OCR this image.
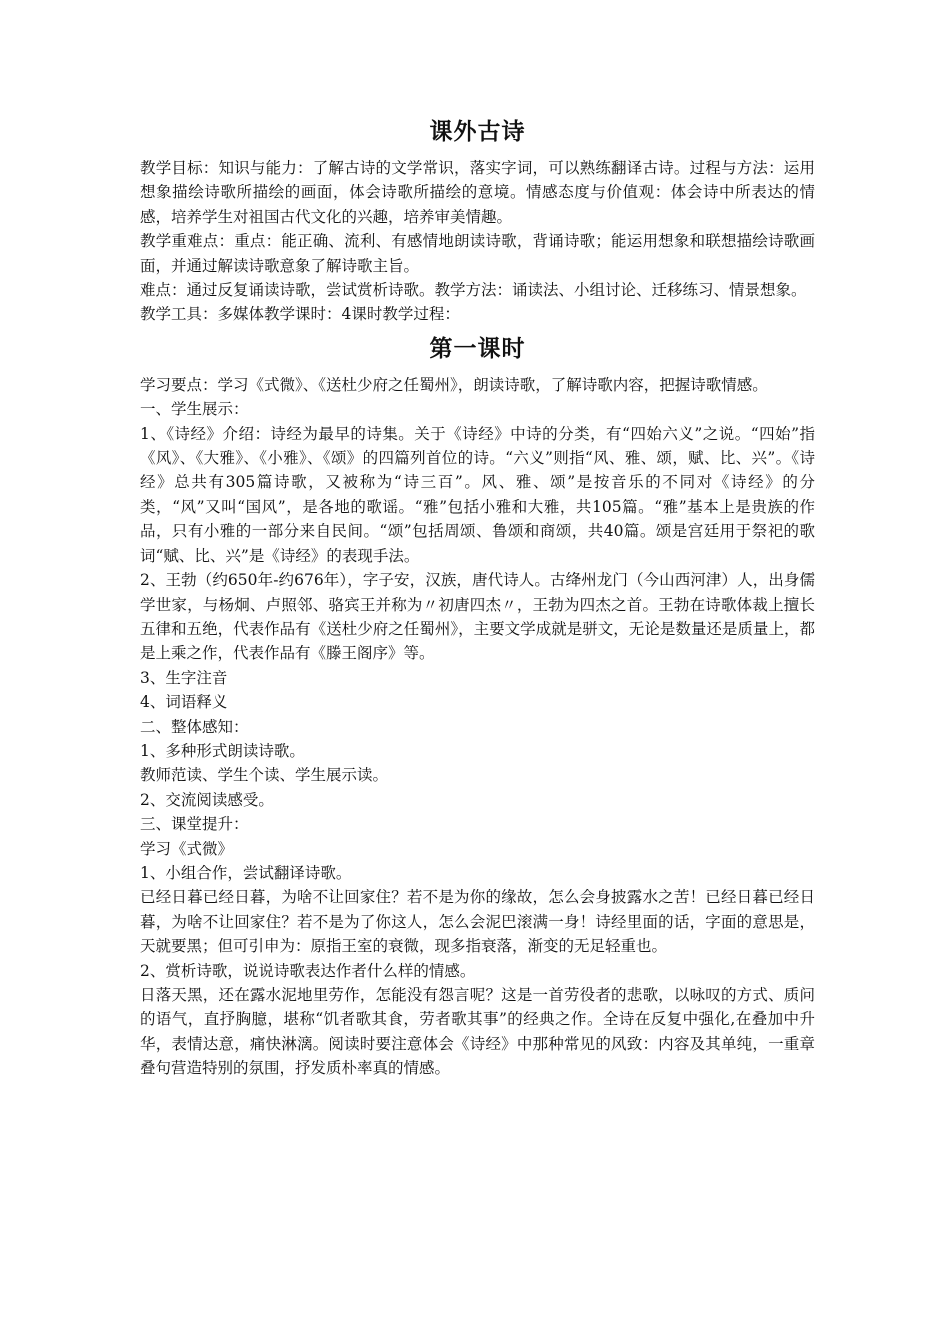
课外古诗

教学目标：知识与能力：了解古诗的文学常识，落实字词，可以熟练翻译古诗。过程与方法：运用想象描绘诗歌所描绘的画面，体会诗歌所描绘的意境。情感态度与价值观：体会诗中所表达的情感，培养学生对祖国古代文化的兴趣，培养审美情趣。

教学重难点：重点：能正确、流利、有感情地朗读诗歌，背诵诗歌；能运用想象和联想描绘诗歌画面，并通过解读诗歌意象了解诗歌主旨。

难点：通过反复诵读诗歌，尝试赏析诗歌。教学方法：诵读法、小组讨论、迁移练习、情景想象。

教学工具：多媒体教学课时：4课时教学过程：

第一课时

学习要点：学习《式微》、《送杜少府之任蜀州》，朗读诗歌，了解诗歌内容，把握诗歌情感。

一、学生展示：

1、《诗经》介绍：诗经为最早的诗集。关于《诗经》中诗的分类，有“四始六义”之说。“四始”指《风》、《大雅》、《小雅》、《颂》的四篇列首位的诗。“六义”则指“风、雅、颂，赋、比、兴”。《诗经》总共有305篇诗歌，又被称为“诗三百”。风、雅、颂”是按音乐的不同对《诗经》的分类，“风”又叫“国风”，是各地的歌谣。“雅”包括小雅和大雅，共105篇。“雅”基本上是贵族的作品，只有小雅的一部分来自民间。“颂”包括周颂、鲁颂和商颂，共40篇。颂是宫廷用于祭祀的歌词“赋、比、兴”是《诗经》的表现手法。

2、王勃（约650年-约676年），字子安，汉族，唐代诗人。古绛州龙门（今山西河津）人，出身儒学世家，与杨炯、卢照邻、骆宾王并称为〃初唐四杰〃，王勃为四杰之首。王勃在诗歌体裁上擅长五律和五绝，代表作品有《送杜少府之任蜀州》，主要文学成就是骈文，无论是数量还是质量上，都是上乘之作，代表作品有《滕王阁序》等。

3、生字注音

4、词语释义

二、整体感知：

1、多种形式朗读诗歌。

教师范读、学生个读、学生展示读。

2、交流阅读感受。

三、课堂提升：

学习《式微》

1、小组合作，尝试翻译诗歌。

已经日暮已经日暮，为啥不让回家住？若不是为你的缘故，怎么会身披露水之苦！已经日暮已经日暮，为啥不让回家住？若不是为了你这人，怎么会泥巴滚满一身！诗经里面的话，字面的意思是，天就要黑；但可引申为：原指王室的衰微，现多指衰落，渐变的无足轻重也。

2、赏析诗歌，说说诗歌表达作者什么样的情感。

日落天黑，还在露水泥地里劳作，怎能没有怨言呢？这是一首劳役者的悲歌，以咏叹的方式、质问的语气，直抒胸臆，堪称“饥者歌其食，劳者歌其事”的经典之作。全诗在反复中强化,在叠加中升华，表情达意，痛快淋漓。阅读时要注意体会《诗经》中那种常见的风致：内容及其单纯，一重章叠句营造特别的氛围，抒发质朴率真的情感。
